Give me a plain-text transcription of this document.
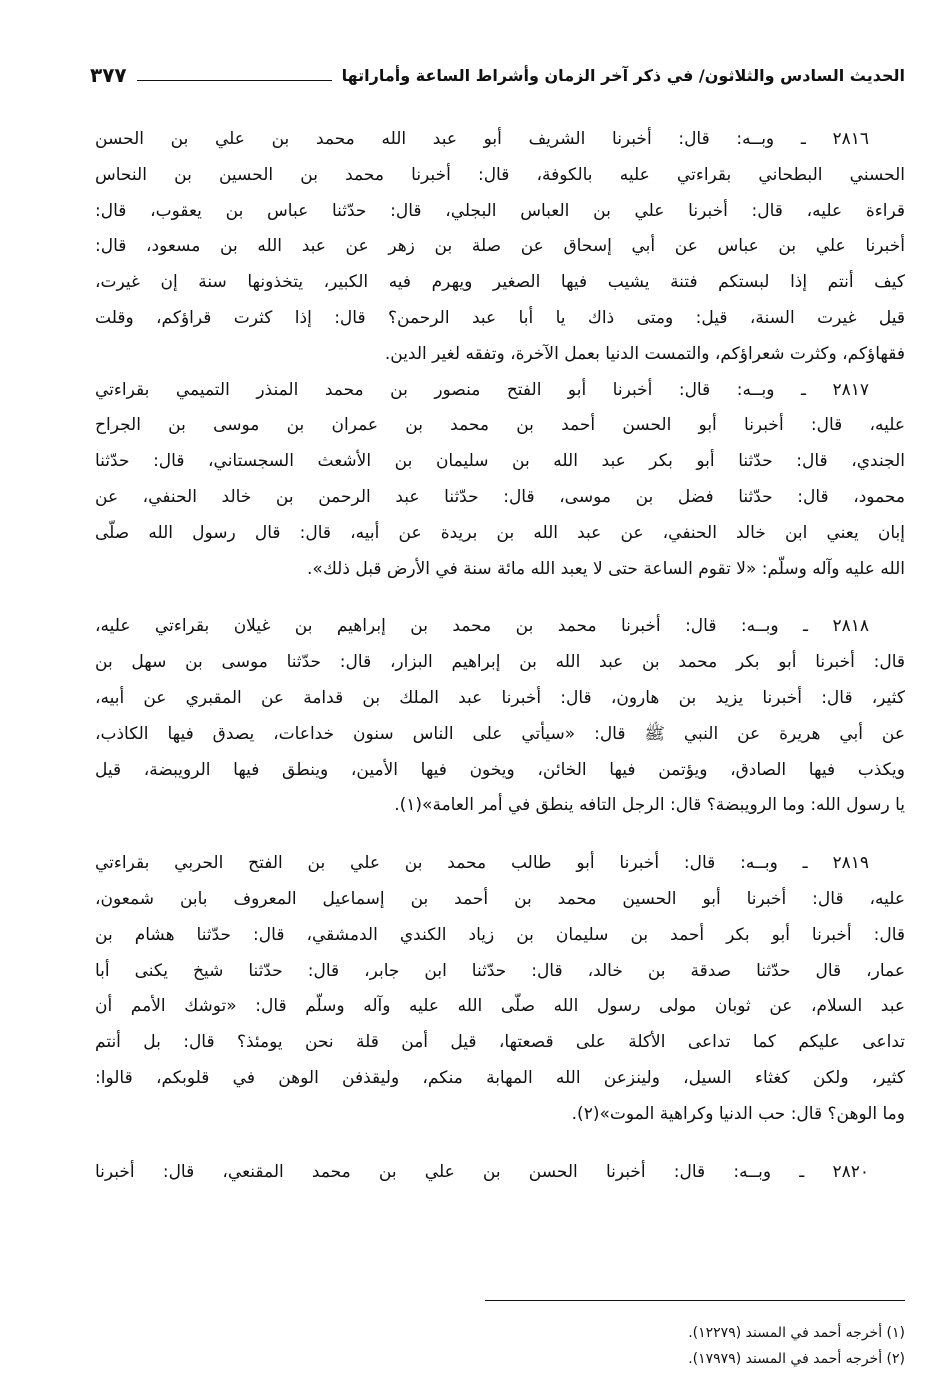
الحديث السادس والثلاثون/ في ذكر آخر الزمان وأشراط الساعة وأماراتها
٣٧٧
٢٨١٦ ـ وبــه: قال: أخبرنا الشريف أبو عبد الله محمد بن علي بن الحسن
الحسني البطحاني بقراءتي عليه بالكوفة، قال: أخبرنا محمد بن الحسين بن النحاس
قراءة عليه، قال: أخبرنا علي بن العباس البجلي، قال: حدّثنا عباس بن يعقوب، قال:
أخبرنا علي بن عباس عن أبي إسحاق عن صلة بن زهر عن عبد الله بن مسعود، قال:
كيف أنتم إذا لبستكم فتنة يشيب فيها الصغير ويهرم فيه الكبير، يتخذونها سنة إن غيرت،
قيل غيرت السنة، قيل: ومتى ذاك يا أبا عبد الرحمن؟ قال: إذا كثرت قراؤكم، وقلت
فقهاؤكم، وكثرت شعراؤكم، والتمست الدنيا بعمل الآخرة، وتفقه لغير الدين.
٢٨١٧ ـ وبــه: قال: أخبرنا أبو الفتح منصور بن محمد المنذر التميمي بقراءتي
عليه، قال: أخبرنا أبو الحسن أحمد بن محمد بن عمران بن موسى بن الجراح
الجندي، قال: حدّثنا أبو بكر عبد الله بن سليمان بن الأشعث السجستاني، قال: حدّثنا
محمود، قال: حدّثنا فضل بن موسى، قال: حدّثنا عبد الرحمن بن خالد الحنفي، عن
إبان يعني ابن خالد الحنفي، عن عبد الله بن بريدة عن أبيه، قال: قال رسول الله صلّى
الله عليه وآله وسلّم: «لا تقوم الساعة حتى لا يعبد الله مائة سنة في الأرض قبل ذلك».
٢٨١٨ ـ وبــه: قال: أخبرنا محمد بن محمد بن إبراهيم بن غيلان بقراءتي عليه،
قال: أخبرنا أبو بكر محمد بن عبد الله بن إبراهيم البزار، قال: حدّثنا موسى بن سهل بن
كثير، قال: أخبرنا يزيد بن هارون، قال: أخبرنا عبد الملك بن قدامة عن المقبري عن أبيه،
عن أبي هريرة عن النبي ﷺ قال: «سيأتي على الناس سنون خداعات، يصدق فيها الكاذب،
ويكذب فيها الصادق، ويؤتمن فيها الخائن، ويخون فيها الأمين، وينطق فيها الرويبضة، قيل
يا رسول الله: وما الرويبضة؟ قال: الرجل التافه ينطق في أمر العامة»(١).
٢٨١٩ ـ وبــه: قال: أخبرنا أبو طالب محمد بن علي بن الفتح الحربي بقراءتي
عليه، قال: أخبرنا أبو الحسين محمد بن أحمد بن إسماعيل المعروف بابن شمعون،
قال: أخبرنا أبو بكر أحمد بن سليمان بن زياد الكندي الدمشقي، قال: حدّثنا هشام بن
عمار، قال حدّثنا صدقة بن خالد، قال: حدّثنا ابن جابر، قال: حدّثنا شيخ يكنى أبا
عبد السلام، عن ثوبان مولى رسول الله صلّى الله عليه وآله وسلّم قال: «توشك الأمم أن
تداعى عليكم كما تداعى الأكلة على قصعتها، قيل أمن قلة نحن يومئذ؟ قال: بل أنتم
كثير، ولكن كغثاء السيل، ولينزعن الله المهابة منكم، وليقذفن الوهن في قلوبكم، قالوا:
وما الوهن؟ قال: حب الدنيا وكراهية الموت»(٢).
٢٨٢٠ ـ وبــه: قال: أخبرنا الحسن بن علي بن محمد المقنعي، قال: أخبرنا
(١) أخرجه أحمد في المسند (١٢٢٧٩).
(٢) أخرجه أحمد في المسند (١٧٩٧٩).
